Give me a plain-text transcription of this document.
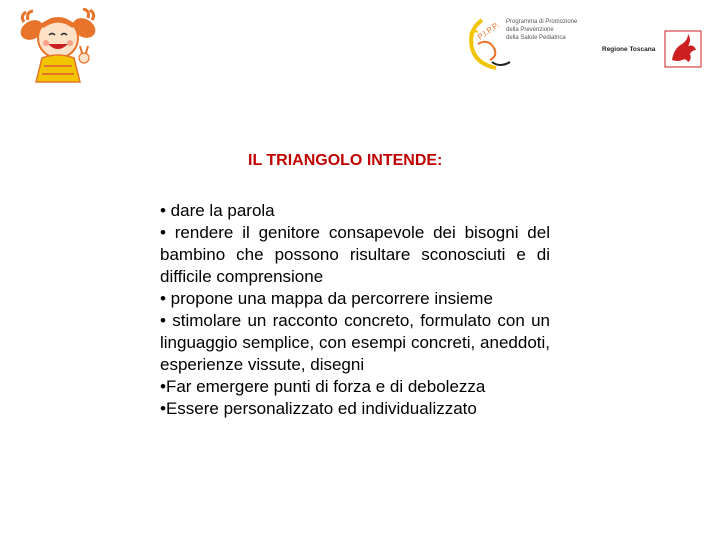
P.I.P.P. Programma di Promozione
della Prevenzione
della Salute Pediatrica
Regione Toscana
IL TRIANGOLO INTENDE:

• dare la parola

• rendere il genitore consapevole dei bisogni del bambino che possono risultare sconosciuti e di difficile comprensione

• propone una mappa da percorrere insieme

• stimolare un racconto concreto, formulato con un linguaggio semplice, con esempi concreti, aneddoti, esperienze vissute, disegni

•Far emergere punti di forza e di debolezza

•Essere personalizzato ed individualizzato
